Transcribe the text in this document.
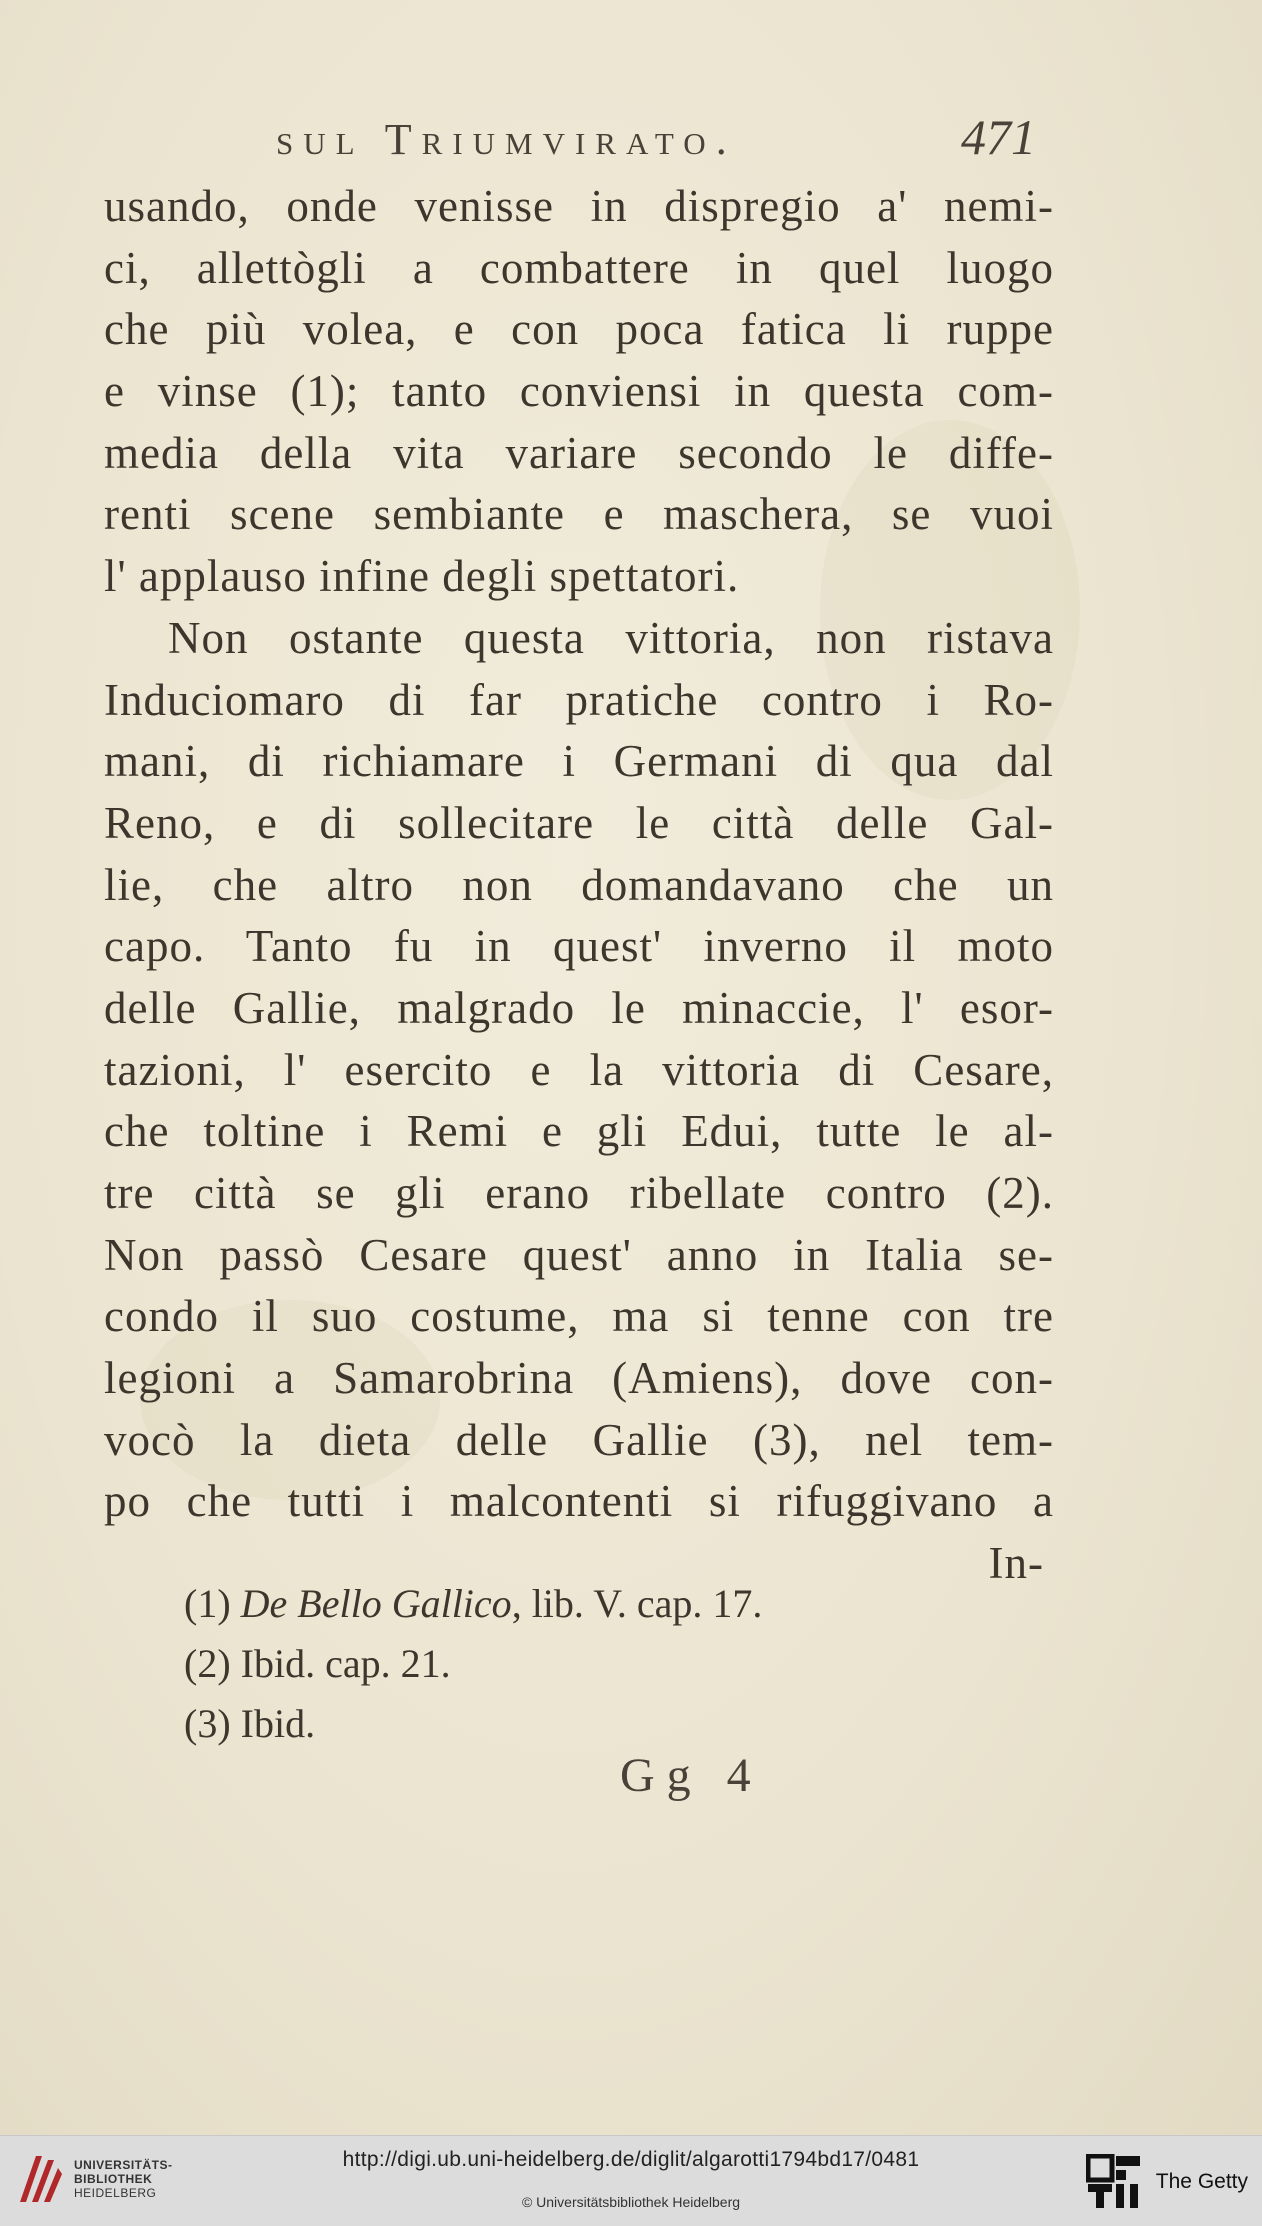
sul Triumvirato.	471
usando, onde venisse in dispregio a' nemi-
ci, allettògli a combattere in quel luogo
che più volea, e con poca fatica li ruppe
e vinse (1); tanto conviensi in questa com-
media della vita variare secondo le diffe-
renti scene sembiante e maschera, se vuoi
l' applauso infine degli spettatori.
Non ostante questa vittoria, non ristava
Induciomaro di far pratiche contro i Ro-
mani, di richiamare i Germani di qua dal
Reno, e di sollecitare le città delle Gal-
lie, che altro non domandavano che un
capo. Tanto fu in quest' inverno il moto
delle Gallie, malgrado le minaccie, l' esor-
tazioni, l' esercito e la vittoria di Cesare,
che toltine i Remi e gli Edui, tutte le al-
tre città se gli erano ribellate contro (2).
Non passò Cesare quest' anno in Italia se-
condo il suo costume, ma si tenne con tre
legioni a Samarobrina (Amiens), dove con-
vocò la dieta delle Gallie (3), nel tem-
po che tutti i malcontenti si rifuggivano a
In-
(1) De Bello Gallico, lib. V. cap. 17.
(2) Ibid. cap. 21.
(3) Ibid.
Gg 4
UNIVERSITÄTS-
BIBLIOTHEK
HEIDELBERG
http://digi.ub.uni-heidelberg.de/diglit/algarotti1794bd17/0481
© Universitätsbibliothek Heidelberg
The Getty
